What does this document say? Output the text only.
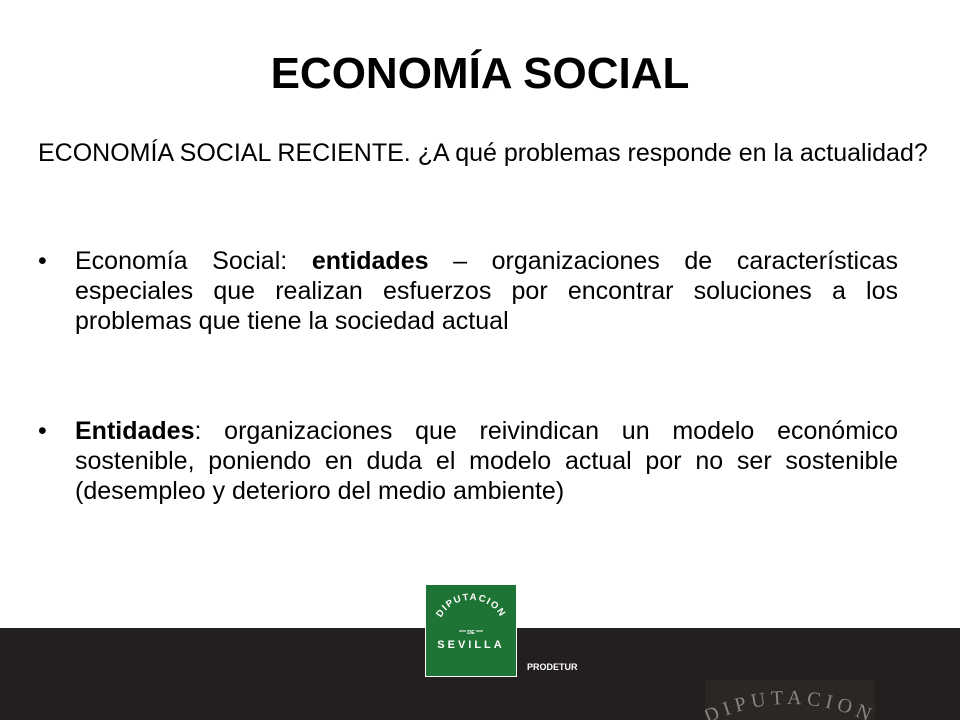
ECONOMÍA SOCIAL

ECONOMÍA SOCIAL RECIENTE. ¿A qué problemas responde en la actualidad?

•	Economía Social: entidades – organizaciones de características especiales que realizan esfuerzos por encontrar soluciones a los problemas que tiene la sociedad actual
•	Entidades: organizaciones que reivindican un modelo económico sostenible, poniendo en duda el modelo actual por no ser sostenible (desempleo y deterioro del medio ambiente)
DIPUTACION
DE
SEVILLA
PRODETUR
IPUTACIO
